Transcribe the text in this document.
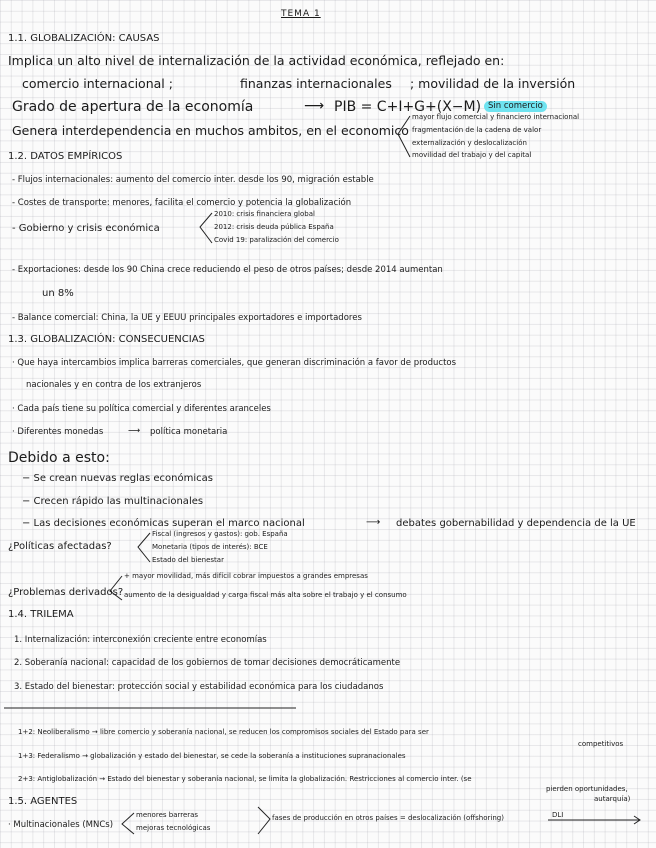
TEMA 1
1.1. GLOBALIZACIÓN: CAUSAS
Implica un alto nivel de internalización de la actividad económica, reflejado en:
comercio internacional ;	finanzas internacionales ; movilidad de la inversión
Grado de apertura de la economía	⟶ PIB = C+I+G+(X−M) Sin comercio
Genera interdependencia en muchos ambitos, en el economico
mayor flujo comercial y financiero internacional
fragmentación de la cadena de valor
externalización y deslocalización
movilidad del trabajo y del capital
1.2. DATOS EMPÍRICOS
- Flujos internacionales: aumento del comercio inter. desde los 90, migración estable
- Costes de transporte: menores, facilita el comercio y potencia la globalización
- Gobierno y crisis económica
2010: crisis financiera global
2012: crisis deuda pública España
Covid 19: paralización del comercio
- Exportaciones: desde los 90 China crece reduciendo el peso de otros países; desde 2014 aumentan
un 8%
- Balance comercial: China, la UE y EEUU principales exportadores e importadores
1.3. GLOBALIZACIÓN: CONSECUENCIAS
· Que haya intercambios implica barreras comerciales, que generan discriminación a favor de productos
nacionales y en contra de los extranjeros
· Cada país tiene su política comercial y diferentes aranceles
· Diferentes monedas	⟶ política monetaria
Debido a esto:
− Se crean nuevas reglas económicas
− Crecen rápido las multinacionales
− Las decisiones económicas superan el marco nacional	⟶ debates gobernabilidad y dependencia de la UE
¿Políticas afectadas?
Fiscal (ingresos y gastos): gob. España
Monetaria (tipos de interés): BCE
Estado del bienestar
¿Problemas derivados?
+ mayor movilidad, más difícil cobrar impuestos a grandes empresas
aumento de la desigualdad y carga fiscal más alta sobre el trabajo y el consumo
1.4. TRILEMA
1. Internalización: interconexión creciente entre economías
2. Soberanía nacional: capacidad de los gobiernos de tomar decisiones democráticamente
3. Estado del bienestar: protección social y estabilidad económica para los ciudadanos
1+2: Neoliberalismo → libre comercio y soberanía nacional, se reducen los compromisos sociales del Estado para ser
competitivos
1+3: Federalismo → globalización y estado del bienestar, se cede la soberanía a instituciones supranacionales
2+3: Antiglobalización → Estado del bienestar y soberanía nacional, se limita la globalización. Restricciones al comercio inter. (se
pierden oportunidades,
autarquía)
1.5. AGENTES
· Multinacionales (MNCs)
menores barreras
mejoras tecnológicas
fases de producción en otros países = deslocalización (offshoring)	DLI
